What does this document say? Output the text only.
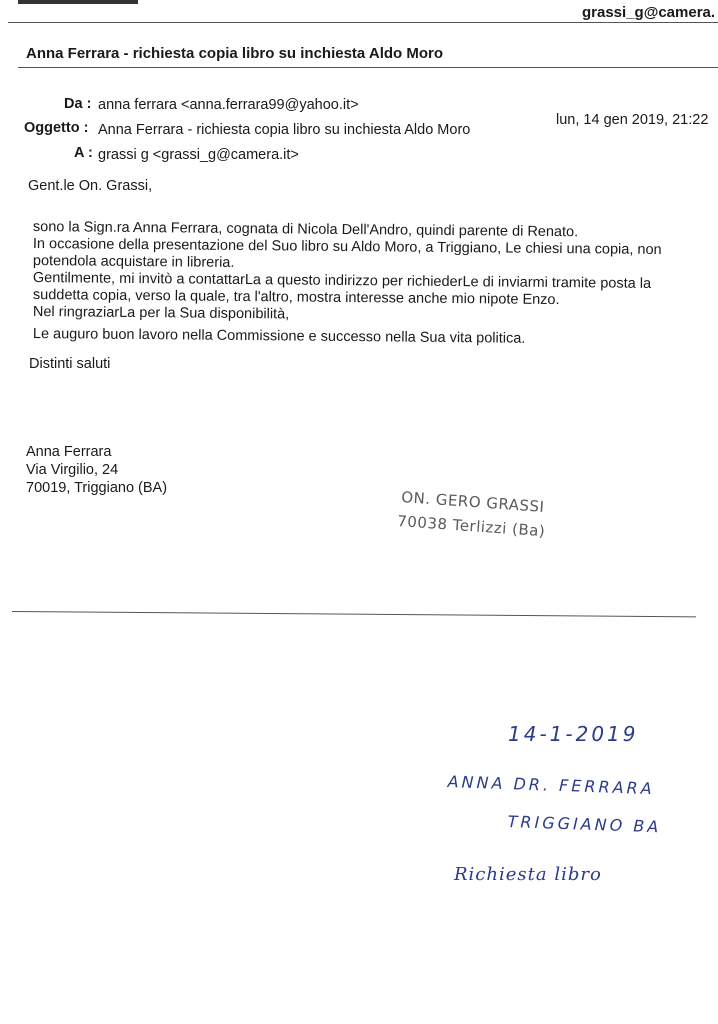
grassi_g@camera.

Anna Ferrara - richiesta copia libro su inchiesta Aldo Moro

Da : anna ferrara <anna.ferrara99@yahoo.it>
Oggetto : Anna Ferrara - richiesta copia libro su inchiesta Aldo Moro
A : grassi g <grassi_g@camera.it>
lun, 14 gen 2019, 21:22

Gent.le On. Grassi,

sono la Sign.ra Anna Ferrara, cognata di Nicola Dell'Andro, quindi parente di Renato.

In occasione della presentazione del Suo libro su Aldo Moro, a Triggiano, Le chiesi una copia, non

potendola acquistare in libreria.

Gentilmente, mi invitò a contattarLa a questo indirizzo per richiederLe di inviarmi tramite posta la

suddetta copia, verso la quale, tra l'altro, mostra interesse anche mio nipote Enzo.

Nel ringraziarLa per la Sua disponibilità,

Le auguro buon lavoro nella Commissione e successo nella Sua vita politica.

Distinti saluti

Anna Ferrara

Via Virgilio, 24

70019, Triggiano (BA)	ON. GERO GRASSI

70038 Terlizzi (Ba)

14-1-2019

ANNA DR. FERRARA

TRIGGIANO BA

Richiesta libro
